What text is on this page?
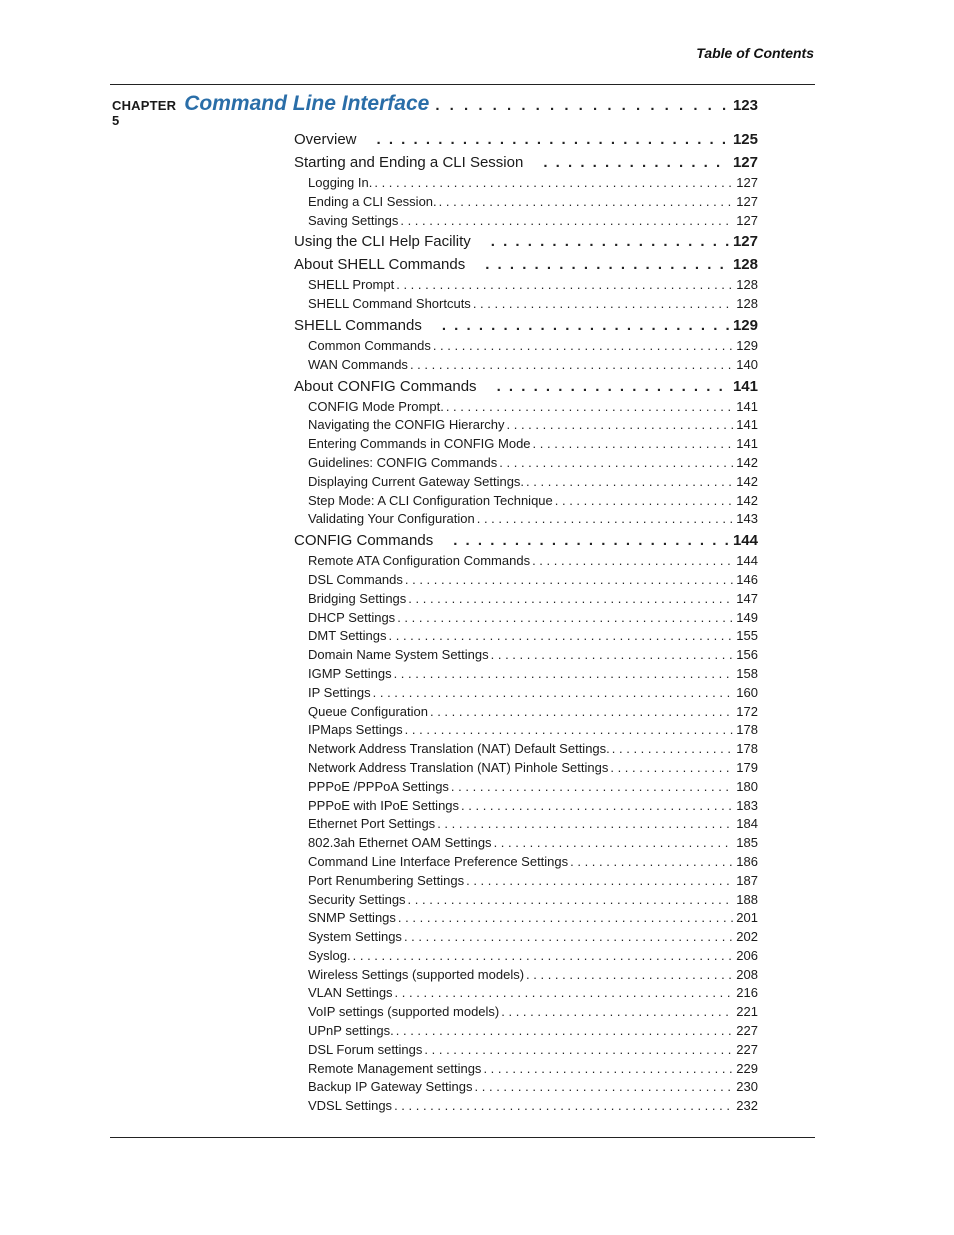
Table of Contents
CHAPTER 5
Command Line Interface . . .	123
Overview . . .	125
Starting and Ending a CLI Session . . .	127
Logging In. . . .	127
Ending a CLI Session. . . .	127
Saving Settings . . .	127
Using the CLI Help Facility . . .	127
About SHELL Commands . . .	128
SHELL Prompt . . .	128
SHELL Command Shortcuts . . .	128
SHELL Commands . . .	129
Common Commands . . .	129
WAN Commands . . .	140
About CONFIG Commands . . .	141
CONFIG Mode Prompt. . . .	141
Navigating the CONFIG Hierarchy . . .	141
Entering Commands in CONFIG Mode . . .	141
Guidelines: CONFIG Commands . . .	142
Displaying Current Gateway Settings. . . .	142
Step Mode: A CLI Configuration Technique . . .	142
Validating Your Configuration . . .	143
CONFIG Commands . . .	144
Remote ATA Configuration Commands . . .	144
DSL Commands . . .	146
Bridging Settings . . .	147
DHCP Settings . . .	149
DMT Settings . . .	155
Domain Name System Settings . . .	156
IGMP Settings . . .	158
IP Settings . . .	160
Queue Configuration . . .	172
IPMaps Settings . . .	178
Network Address Translation (NAT) Default Settings. . . .	178
Network Address Translation (NAT) Pinhole Settings . . .	179
PPPoE /PPPoA Settings . . .	180
PPPoE with IPoE Settings . . .	183
Ethernet Port Settings . . .	184
802.3ah Ethernet OAM Settings . . .	185
Command Line Interface Preference Settings . . .	186
Port Renumbering Settings . . .	187
Security Settings . . .	188
SNMP Settings . . .	201
System Settings . . .	202
Syslog. . . .	206
Wireless Settings (supported models) . . .	208
VLAN Settings . . .	216
VoIP settings (supported models) . . .	221
UPnP settings. . . .	227
DSL Forum settings . . .	227
Remote Management settings . . .	229
Backup IP Gateway Settings . . .	230
VDSL Settings . . .	232
